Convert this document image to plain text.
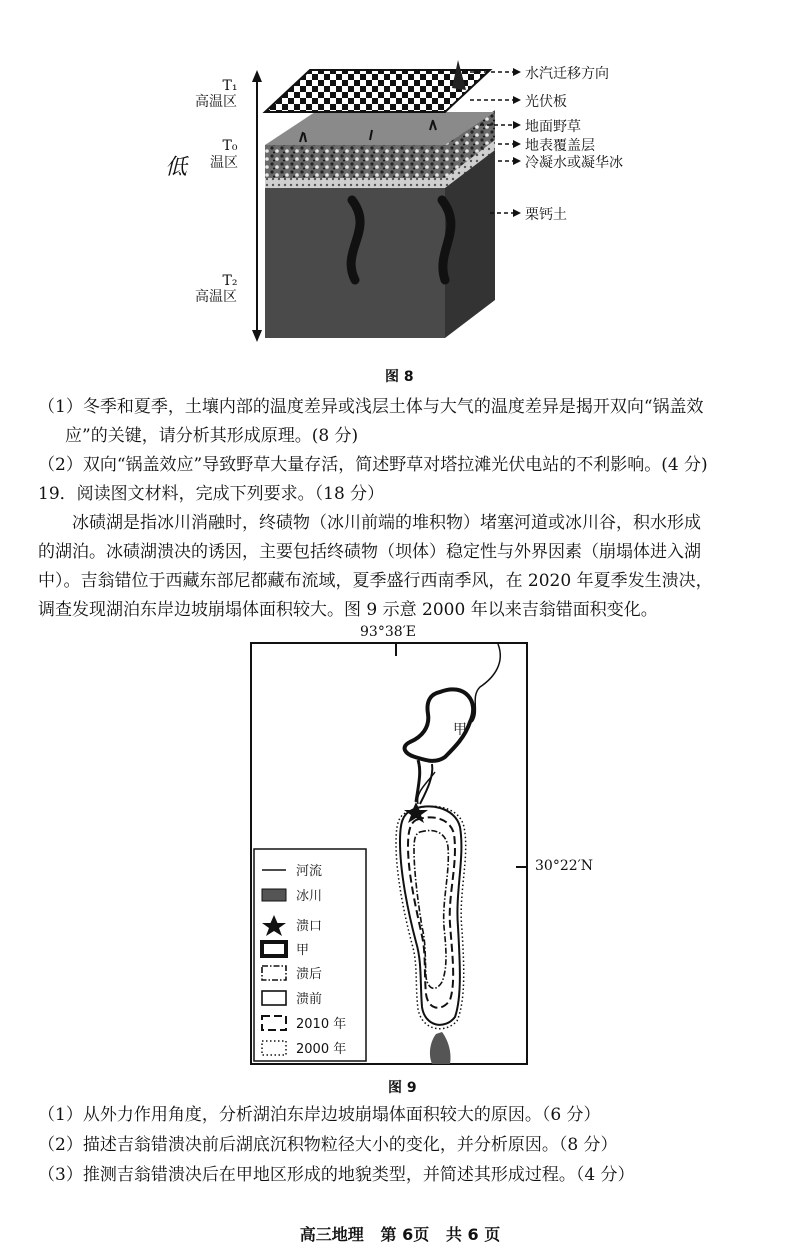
T₁
高温区
T₀
低 温区
T₂
高温区
水汽迁移方向
光伏板
地面野草
地表覆盖层
冷凝水或凝华冰
栗钙土
图 8
（1）冬季和夏季，土壤内部的温度差异或浅层土体与大气的温度差异是揭开双向“锅盖效
应”的关键，请分析其形成原理。(8 分)
（2）双向“锅盖效应”导致野草大量存活，简述野草对塔拉滩光伏电站的不利影响。(4 分)
19．阅读图文材料，完成下列要求。（18 分）
冰碛湖是指冰川消融时，终碛物（冰川前端的堆积物）堵塞河道或冰川谷，积水形成
的湖泊。冰碛湖溃决的诱因，主要包括终碛物（坝体）稳定性与外界因素（崩塌体进入湖
中）。吉翁错位于西藏东部尼都藏布流域，夏季盛行西南季风，在 2020 年夏季发生溃决，
调查发现湖泊东岸边坡崩塌体面积较大。图 9 示意 2000 年以来吉翁错面积变化。
93°38′E
30°22′N
甲
河流
冰川
溃口
甲
溃后
溃前
2010 年
2000 年
图 9
（1）从外力作用角度，分析湖泊东岸边坡崩塌体面积较大的原因。（6 分）
（2）描述吉翁错溃决前后湖底沉积物粒径大小的变化，并分析原因。（8 分）
（3）推测吉翁错溃决后在甲地区形成的地貌类型，并简述其形成过程。（4 分）
高三地理   第 6页   共 6 页
